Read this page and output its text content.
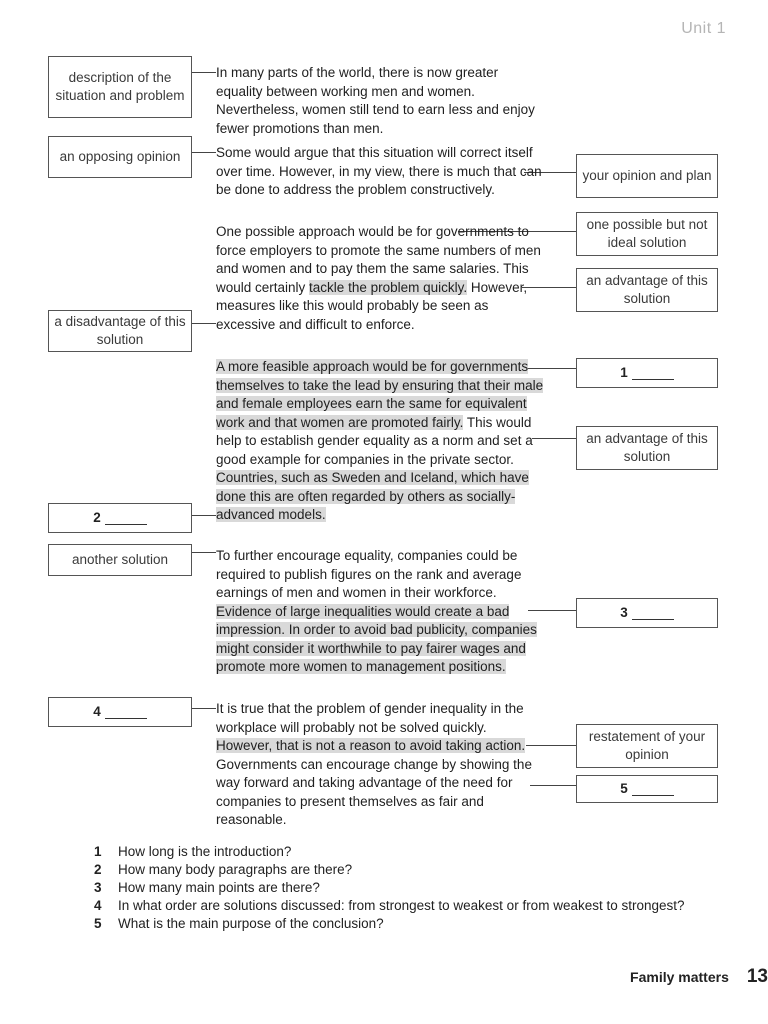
Unit 1
description of the situation and problem
an opposing opinion
a disadvantage of this solution
2
another solution
4
your opinion and plan
one possible but not ideal solution
an advantage of this solution
1
an advantage of this solution
3
restatement of your opinion
5

In many parts of the world, there is now greater equality between working men and women. Nevertheless, women still tend to earn less and enjoy fewer promotions than men.

Some would argue that this situation will correct itself over time. However, in my view, there is much that can be done to address the problem constructively.

One possible approach would be for governments to force employers to promote the same numbers of men and women and to pay them the same salaries. This would certainly tackle the problem quickly. However, measures like this would probably be seen as excessive and difficult to enforce.

A more feasible approach would be for governments themselves to take the lead by ensuring that their male and female employees earn the same for equivalent work and that women are promoted fairly. This would help to establish gender equality as a norm and set a good example for companies in the private sector. Countries, such as Sweden and Iceland, which have done this are often regarded by others as socially-advanced models.

To further encourage equality, companies could be required to publish figures on the rank and average earnings of men and women in their workforce. Evidence of large inequalities would create a bad impression. In order to avoid bad publicity, companies might consider it worthwhile to pay fairer wages and promote more women to management positions.

It is true that the problem of gender inequality in the workplace will probably not be solved quickly. However, that is not a reason to avoid taking action. Governments can encourage change by showing the way forward and taking advantage of the need for companies to present themselves as fair and reasonable.

1	How long is the introduction?
2	How many body paragraphs are there?
3	How many main points are there?
4	In what order are solutions discussed: from strongest to weakest or from weakest to strongest?
5	What is the main purpose of the conclusion?
Family matters 13
